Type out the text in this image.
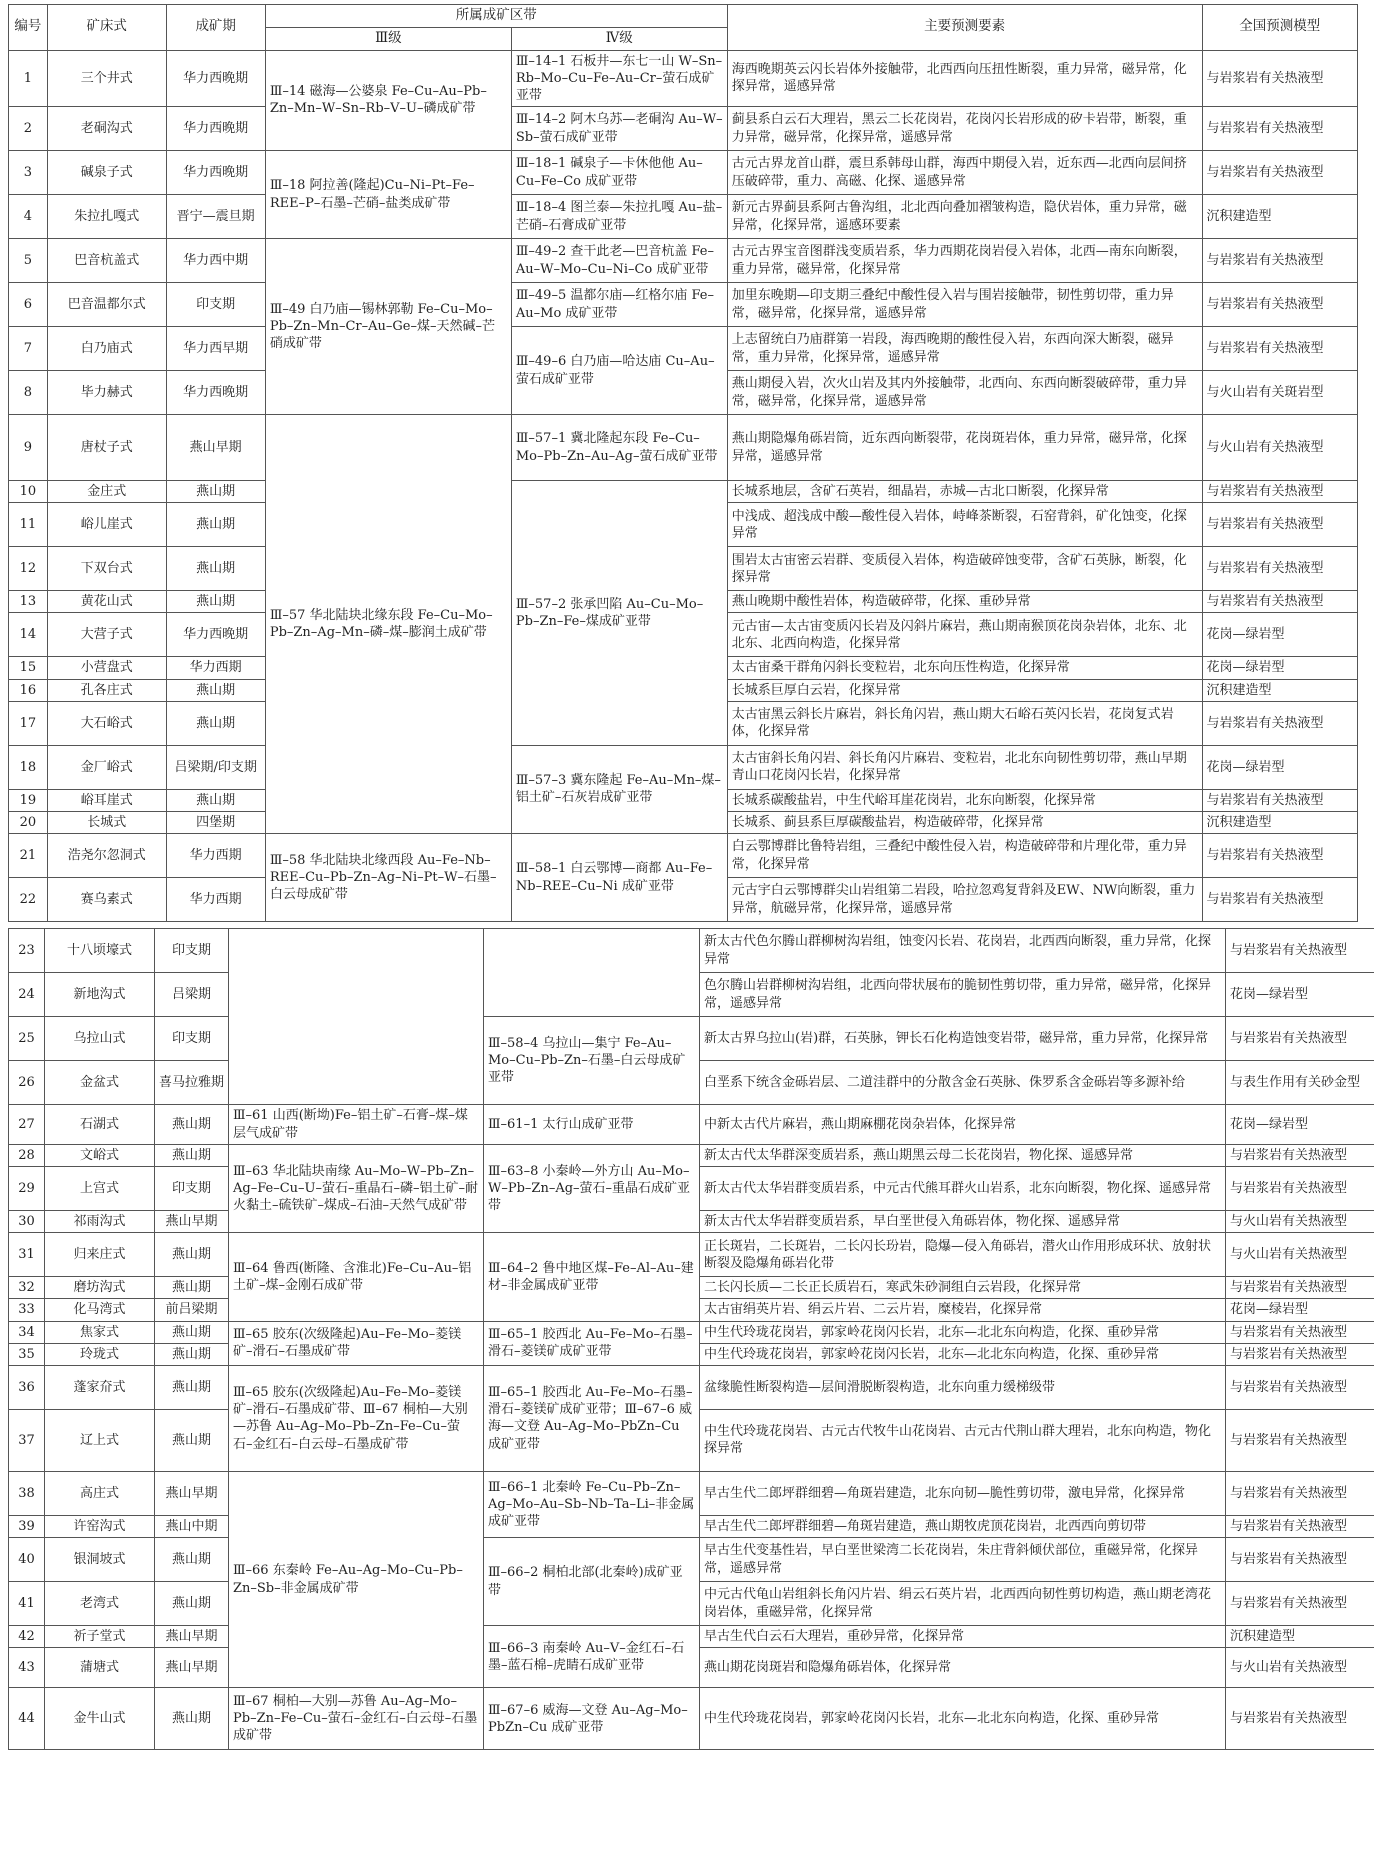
编号	矿床式	成矿期	所属成矿区带		主要预测要素	全国预测模型
			Ⅲ级	Ⅳ级		
1	三个井式	华力西晚期	Ⅲ–14 磁海—公婆泉 Fe–Cu–Au–Pb–Zn–Mn–W–Sn–Rb–V–U–磷成矿带	Ⅲ–14–1 石板井—东七一山 W–Sn–Rb–Mo–Cu–Fe–Au–Cr–萤石成矿亚带	海西晚期英云闪长岩体外接触带，北西西向压扭性断裂，重力异常，磁异常，化探异常，遥感异常	与岩浆岩有关热液型
2	老硐沟式	华力西晚期		Ⅲ–14–2 阿木乌苏—老硐沟 Au–W–Sb–萤石成矿亚带	蓟县系白云石大理岩，黑云二长花岗岩，花岗闪长岩形成的矽卡岩带，断裂，重力异常，磁异常，化探异常，遥感异常	与岩浆岩有关热液型
3	碱泉子式	华力西晚期	Ⅲ–18 阿拉善(隆起)Cu–Ni–Pt–Fe–REE–P–石墨–芒硝–盐类成矿带	Ⅲ–18–1 碱泉子—卡休他他 Au–Cu–Fe–Co 成矿亚带	古元古界龙首山群，震旦系韩母山群，海西中期侵入岩，近东西—北西向层间挤压破碎带，重力、高磁、化探、遥感异常	与岩浆岩有关热液型
4	朱拉扎嘎式	晋宁—震旦期		Ⅲ–18–4 图兰泰—朱拉扎嘎 Au–盐–芒硝–石膏成矿亚带	新元古界蓟县系阿古鲁沟组，北北西向叠加褶皱构造，隐伏岩体，重力异常，磁异常，化探异常，遥感环要素	沉积建造型
5	巴音杭盖式	华力西中期	Ⅲ–49 白乃庙—锡林郭勒 Fe–Cu–Mo–Pb–Zn–Mn–Cr–Au–Ge–煤–天然碱–芒硝成矿带	Ⅲ–49–2 查干此老—巴音杭盖 Fe–Au–W–Mo–Cu–Ni–Co 成矿亚带	古元古界宝音图群浅变质岩系，华力西期花岗岩侵入岩体，北西—南东向断裂，重力异常，磁异常，化探异常	与岩浆岩有关热液型
6	巴音温都尔式	印支期		Ⅲ–49–5 温都尔庙—红格尔庙 Fe–Au–Mo 成矿亚带	加里东晚期—印支期三叠纪中酸性侵入岩与围岩接触带，韧性剪切带，重力异常，磁异常，化探异常，遥感异常	与岩浆岩有关热液型
7	白乃庙式	华力西早期		Ⅲ–49–6 白乃庙—哈达庙 Cu–Au–萤石成矿亚带	上志留统白乃庙群第一岩段，海西晚期的酸性侵入岩，东西向深大断裂，磁异常，重力异常，化探异常，遥感异常	与岩浆岩有关热液型
8	毕力赫式	华力西晚期			燕山期侵入岩，次火山岩及其内外接触带，北西向、东西向断裂破碎带，重力异常，磁异常，化探异常，遥感异常	与火山岩有关斑岩型
9	唐杖子式	燕山早期	Ⅲ–57 华北陆块北缘东段 Fe–Cu–Mo–Pb–Zn–Ag–Mn–磷–煤–膨润土成矿带	Ⅲ–57–1 冀北隆起东段 Fe–Cu–Mo–Pb–Zn–Au–Ag–萤石成矿亚带	燕山期隐爆角砾岩筒，近东西向断裂带，花岗斑岩体，重力异常，磁异常，化探异常，遥感异常	与火山岩有关热液型
10	金庄式	燕山期		Ⅲ–57–2 张承凹陷 Au–Cu–Mo–Pb–Zn–Fe–煤成矿亚带	长城系地层，含矿石英岩，细晶岩，赤城—古北口断裂，化探异常	与岩浆岩有关热液型
11	峪儿崖式	燕山期			中浅成、超浅成中酸—酸性侵入岩体，峙峰茶断裂，石窑背斜，矿化蚀变，化探异常	与岩浆岩有关热液型
12	下双台式	燕山期			围岩太古宙密云岩群、变质侵入岩体，构造破碎蚀变带，含矿石英脉，断裂，化探异常	与岩浆岩有关热液型
13	黄花山式	燕山期			燕山晚期中酸性岩体，构造破碎带，化探、重砂异常	与岩浆岩有关热液型
14	大营子式	华力西晚期			元古宙—太古宙变质闪长岩及闪斜片麻岩，燕山期南猴顶花岗杂岩体，北东、北北东、北西向构造，化探异常	花岗—绿岩型
15	小营盘式	华力西期			太古宙桑干群角闪斜长变粒岩，北东向压性构造，化探异常	花岗—绿岩型
16	孔各庄式	燕山期			长城系巨厚白云岩，化探异常	沉积建造型
17	大石峪式	燕山期			太古宙黑云斜长片麻岩，斜长角闪岩，燕山期大石峪石英闪长岩，花岗复式岩体，化探异常	与岩浆岩有关热液型
18	金厂峪式	吕梁期/印支期		Ⅲ–57–3 冀东隆起 Fe–Au–Mn–煤–铝土矿–石灰岩成矿亚带	太古宙斜长角闪岩、斜长角闪片麻岩、变粒岩，北北东向韧性剪切带，燕山早期青山口花岗闪长岩，化探异常	花岗—绿岩型
19	峪耳崖式	燕山期			长城系碳酸盐岩，中生代峪耳崖花岗岩，北东向断裂，化探异常	与岩浆岩有关热液型
20	长城式	四堡期			长城系、蓟县系巨厚碳酸盐岩，构造破碎带，化探异常	沉积建造型
21	浩尧尔忽洞式	华力西期	Ⅲ–58 华北陆块北缘西段 Au–Fe–Nb–REE–Cu–Pb–Zn–Ag–Ni–Pt–W–石墨–白云母成矿带	Ⅲ–58–1 白云鄂博—商都 Au–Fe–Nb–REE–Cu–Ni 成矿亚带	白云鄂博群比鲁特岩组，三叠纪中酸性侵入岩，构造破碎带和片理化带，重力异常，化探异常	与岩浆岩有关热液型
22	赛乌素式	华力西期			元古宇白云鄂博群尖山岩组第二岩段，哈拉忽鸡复背斜及EW、NW向断裂，重力异常，航磁异常，化探异常，遥感异常	与岩浆岩有关热液型
23	十八顷壕式	印支期			新太古代色尔腾山群柳树沟岩组，蚀变闪长岩、花岗岩，北西西向断裂，重力异常，化探异常	与岩浆岩有关热液型
24	新地沟式	吕梁期			色尔腾山岩群柳树沟岩组，北西向带状展布的脆韧性剪切带，重力异常，磁异常，化探异常，遥感异常	花岗—绿岩型
25	乌拉山式	印支期		Ⅲ–58–4 乌拉山—集宁 Fe–Au–Mo–Cu–Pb–Zn–石墨–白云母成矿亚带	新太古界乌拉山(岩)群，石英脉，钾长石化构造蚀变岩带，磁异常，重力异常，化探异常	与岩浆岩有关热液型
26	金盆式	喜马拉雅期			白垩系下统含金砾岩层、二道洼群中的分散含金石英脉、侏罗系含金砾岩等多源补给	与表生作用有关砂金型
27	石湖式	燕山期	Ⅲ–61 山西(断坳)Fe–铝土矿–石膏–煤–煤层气成矿带	Ⅲ–61–1 太行山成矿亚带	中新太古代片麻岩，燕山期麻棚花岗杂岩体，化探异常	花岗—绿岩型
28	文峪式	燕山期	Ⅲ–63 华北陆块南缘 Au–Mo–W–Pb–Zn–Ag–Fe–Cu–U–萤石–重晶石–磷–铝土矿–耐火黏土–硫铁矿–煤成–石油–天然气成矿带	Ⅲ–63–8 小秦岭—外方山 Au–Mo–W–Pb–Zn–Ag–萤石–重晶石成矿亚带	新太古代太华群深变质岩系，燕山期黑云母二长花岗岩，物化探、遥感异常	与岩浆岩有关热液型
29	上宫式	印支期			新太古代太华岩群变质岩系，中元古代熊耳群火山岩系，北东向断裂，物化探、遥感异常	与岩浆岩有关热液型
30	祁雨沟式	燕山早期			新太古代太华岩群变质岩系，早白垩世侵入角砾岩体，物化探、遥感异常	与火山岩有关热液型
31	归来庄式	燕山期	Ⅲ–64 鲁西(断隆、含淮北)Fe–Cu–Au–铝土矿–煤–金刚石成矿带	Ⅲ–64–2 鲁中地区煤–Fe–Al–Au–建材–非金属成矿亚带	正长斑岩，二长斑岩，二长闪长玢岩，隐爆—侵入角砾岩，潜火山作用形成环状、放射状断裂及隐爆角砾岩化带	与火山岩有关热液型
32	磨坊沟式	燕山期			二长闪长质—二长正长质岩石，寒武朱砂洞组白云岩段，化探异常	与岩浆岩有关热液型
33	化马湾式	前吕梁期			太古宙绢英片岩、绢云片岩、二云片岩，糜棱岩，化探异常	花岗—绿岩型
34	焦家式	燕山期	Ⅲ–65 胶东(次级隆起)Au–Fe–Mo–菱镁矿–滑石–石墨成矿带	Ⅲ–65–1 胶西北 Au–Fe–Mo–石墨–滑石–菱镁矿成矿亚带	中生代玲珑花岗岩，郭家岭花岗闪长岩，北东—北北东向构造，化探、重砂异常	与岩浆岩有关热液型
35	玲珑式	燕山期			中生代玲珑花岗岩，郭家岭花岗闪长岩，北东—北北东向构造，化探、重砂异常	与岩浆岩有关热液型
36	蓬家夼式	燕山期	Ⅲ–65 胶东(次级隆起)Au–Fe–Mo–菱镁矿–滑石–石墨成矿带、Ⅲ–67 桐柏—大别—苏鲁 Au–Ag–Mo–Pb–Zn–Fe–Cu–萤石–金红石–白云母–石墨成矿带	Ⅲ–65–1 胶西北 Au–Fe–Mo–石墨–滑石–菱镁矿成矿亚带；Ⅲ–67–6 威海—文登 Au–Ag–Mo–PbZn–Cu 成矿亚带	盆缘脆性断裂构造—层间滑脱断裂构造，北东向重力缓梯级带	与岩浆岩有关热液型
37	辽上式	燕山期			中生代玲珑花岗岩、古元古代牧牛山花岗岩、古元古代荆山群大理岩，北东向构造，物化探异常	与岩浆岩有关热液型
38	高庄式	燕山早期	Ⅲ–66 东秦岭 Fe–Au–Ag–Mo–Cu–Pb–Zn–Sb–非金属成矿带	Ⅲ–66–1 北秦岭 Fe–Cu–Pb–Zn–Ag–Mo–Au–Sb–Nb–Ta–Li–非金属成矿亚带	早古生代二郎坪群细碧—角斑岩建造，北东向韧—脆性剪切带，激电异常，化探异常	与岩浆岩有关热液型
39	许窑沟式	燕山中期			早古生代二郎坪群细碧—角斑岩建造，燕山期牧虎顶花岗岩，北西西向剪切带	与岩浆岩有关热液型
40	银洞坡式	燕山期		Ⅲ–66–2 桐柏北部(北秦岭)成矿亚带	早古生代变基性岩，早白垩世梁湾二长花岗岩，朱庄背斜倾伏部位，重磁异常，化探异常，遥感异常	与岩浆岩有关热液型
41	老湾式	燕山期			中元古代龟山岩组斜长角闪片岩、绢云石英片岩，北西西向韧性剪切构造，燕山期老湾花岗岩体，重磁异常，化探异常	与岩浆岩有关热液型
42	祈子堂式	燕山早期		Ⅲ–66–3 南秦岭 Au–V–金红石–石墨–蓝石棉–虎睛石成矿亚带	早古生代白云石大理岩，重砂异常，化探异常	沉积建造型
43	蒲塘式	燕山早期			燕山期花岗斑岩和隐爆角砾岩体，化探异常	与火山岩有关热液型
44	金牛山式	燕山期	Ⅲ–67 桐柏—大别—苏鲁 Au–Ag–Mo–Pb–Zn–Fe–Cu–萤石–金红石–白云母–石墨成矿带	Ⅲ–67–6 威海—文登 Au–Ag–Mo–PbZn–Cu 成矿亚带	中生代玲珑花岗岩，郭家岭花岗闪长岩，北东—北北东向构造，化探、重砂异常	与岩浆岩有关热液型
